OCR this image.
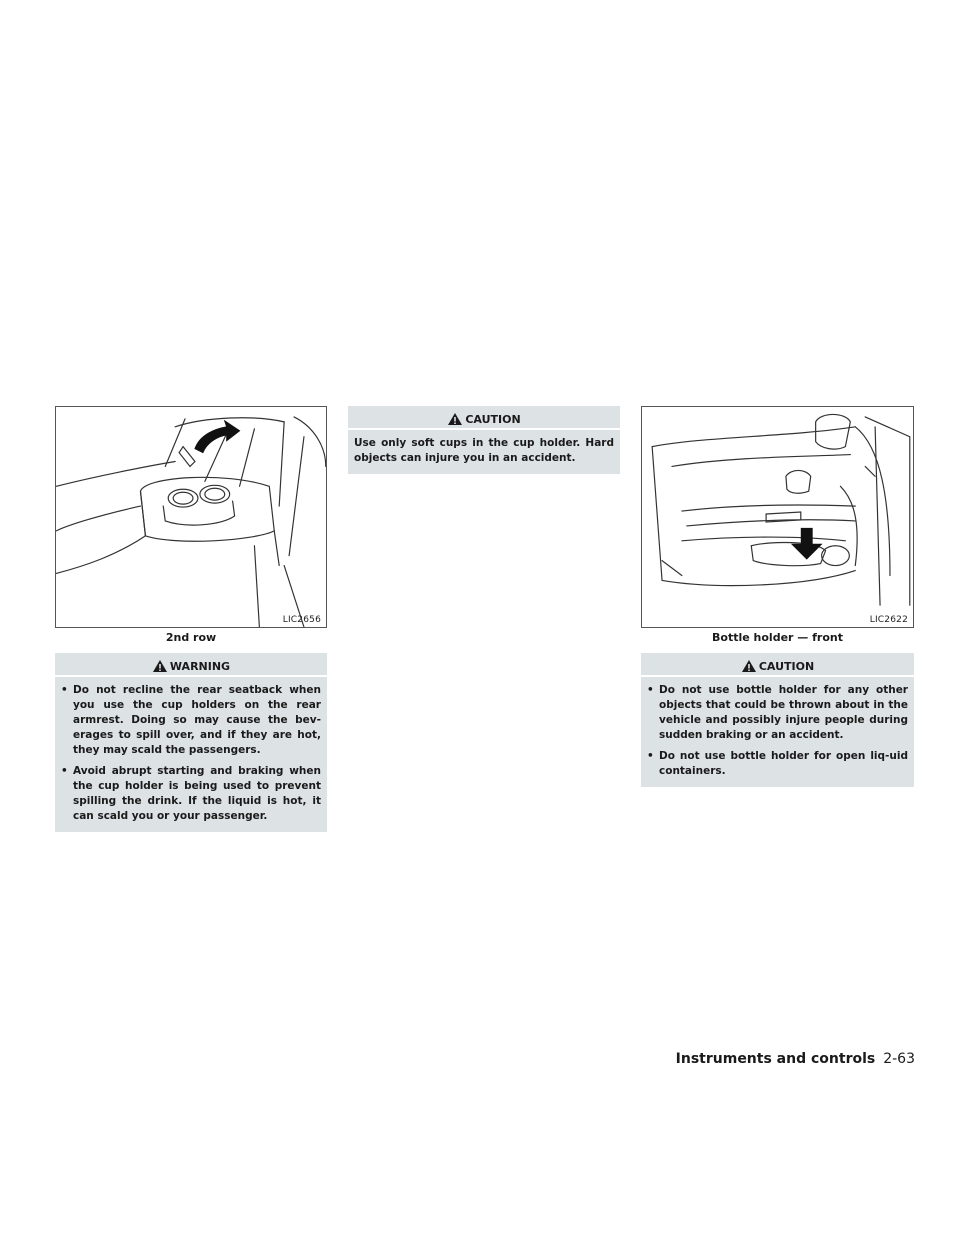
LIC2656
2nd row
WARNING
• Do not recline the rear seatback when you use the cup holders on the rear armrest. Doing so may cause the bev-erages to spill over, and if they are hot, they may scald the passengers.
• Avoid abrupt starting and braking when the cup holder is being used to prevent spilling the drink. If the liquid is hot, it can scald you or your passenger.
CAUTION
Use only soft cups in the cup holder. Hard objects can injure you in an accident.
LIC2622
Bottle holder — front
CAUTION
• Do not use bottle holder for any other objects that could be thrown about in the vehicle and possibly injure people during sudden braking or an accident.
• Do not use bottle holder for open liq-uid containers.
Instruments and controls 2-63
